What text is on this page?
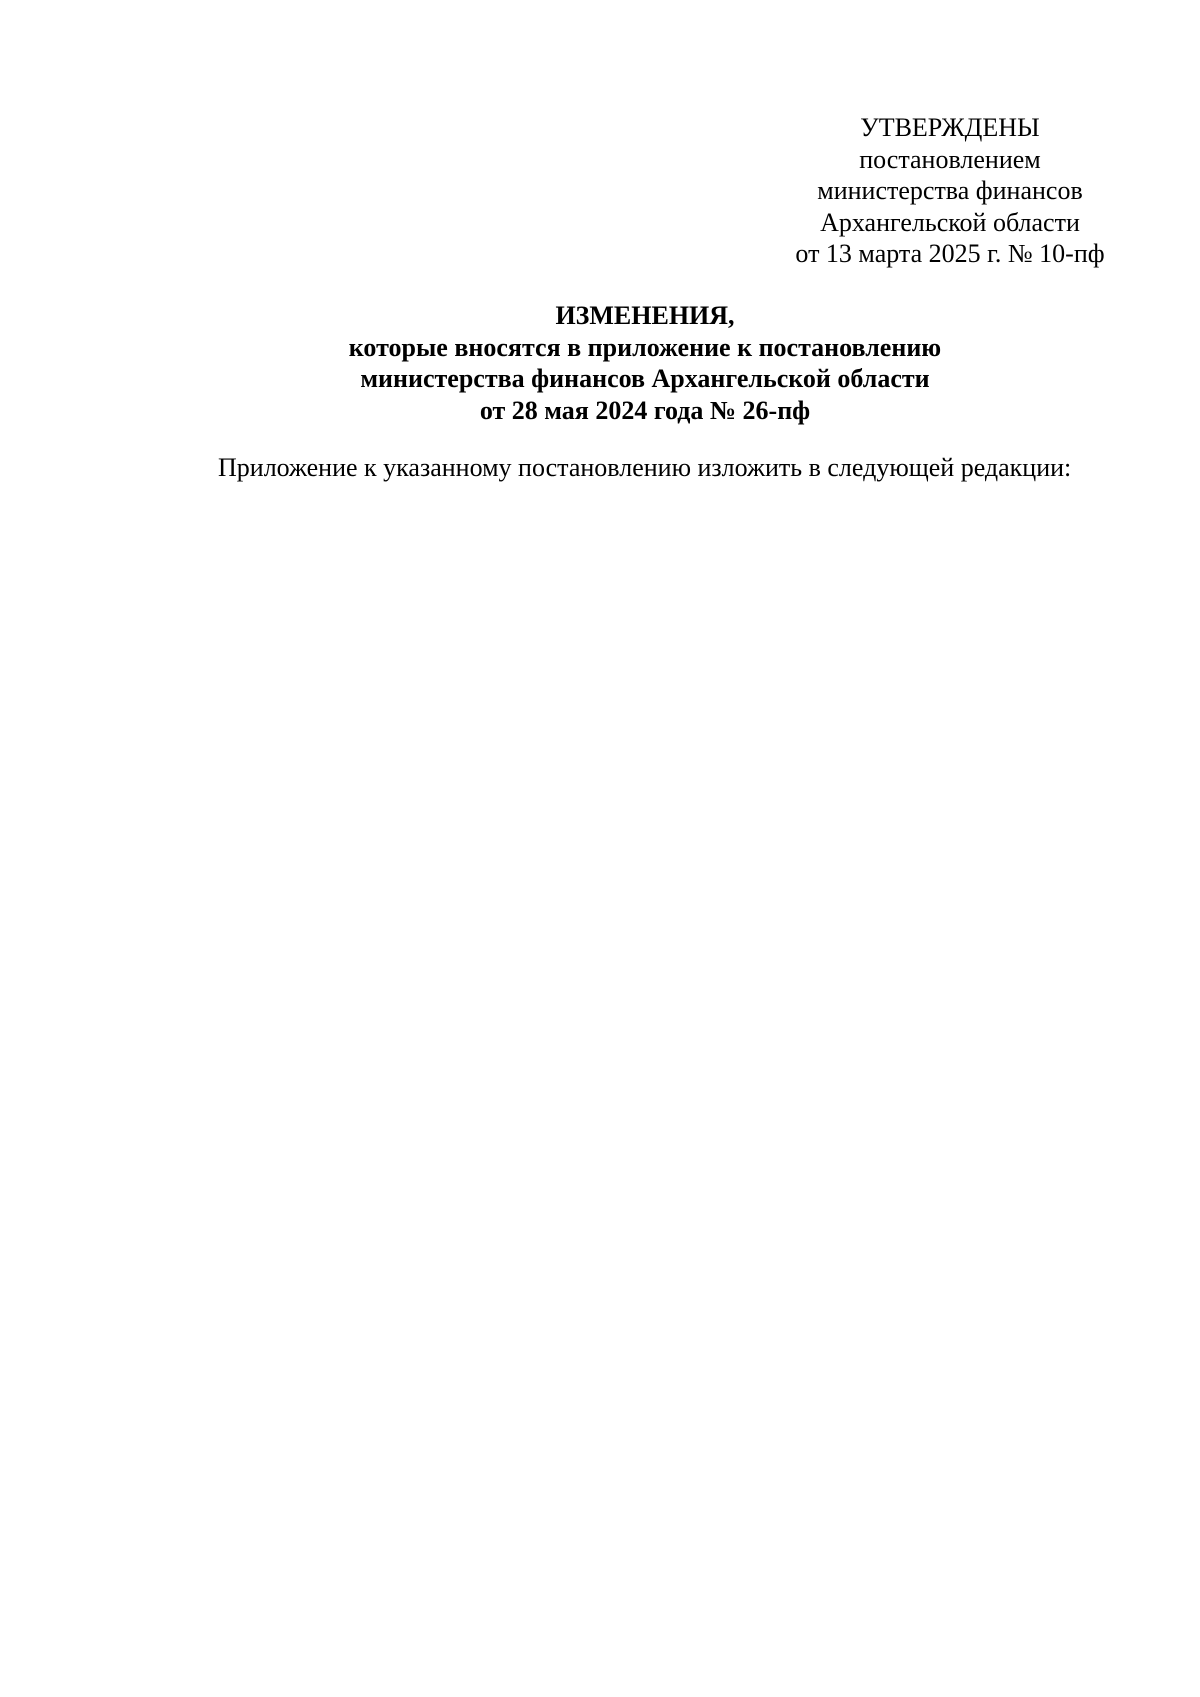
УТВЕРЖДЕНЫ
постановлением
министерства финансов
Архангельской области
от 13 марта 2025 г. № 10-пф
ИЗМЕНЕНИЯ,
которые вносятся в приложение к постановлению
министерства финансов Архангельской области
от 28 мая 2024 года № 26-пф
Приложение к указанному постановлению изложить в следующей редакции:
